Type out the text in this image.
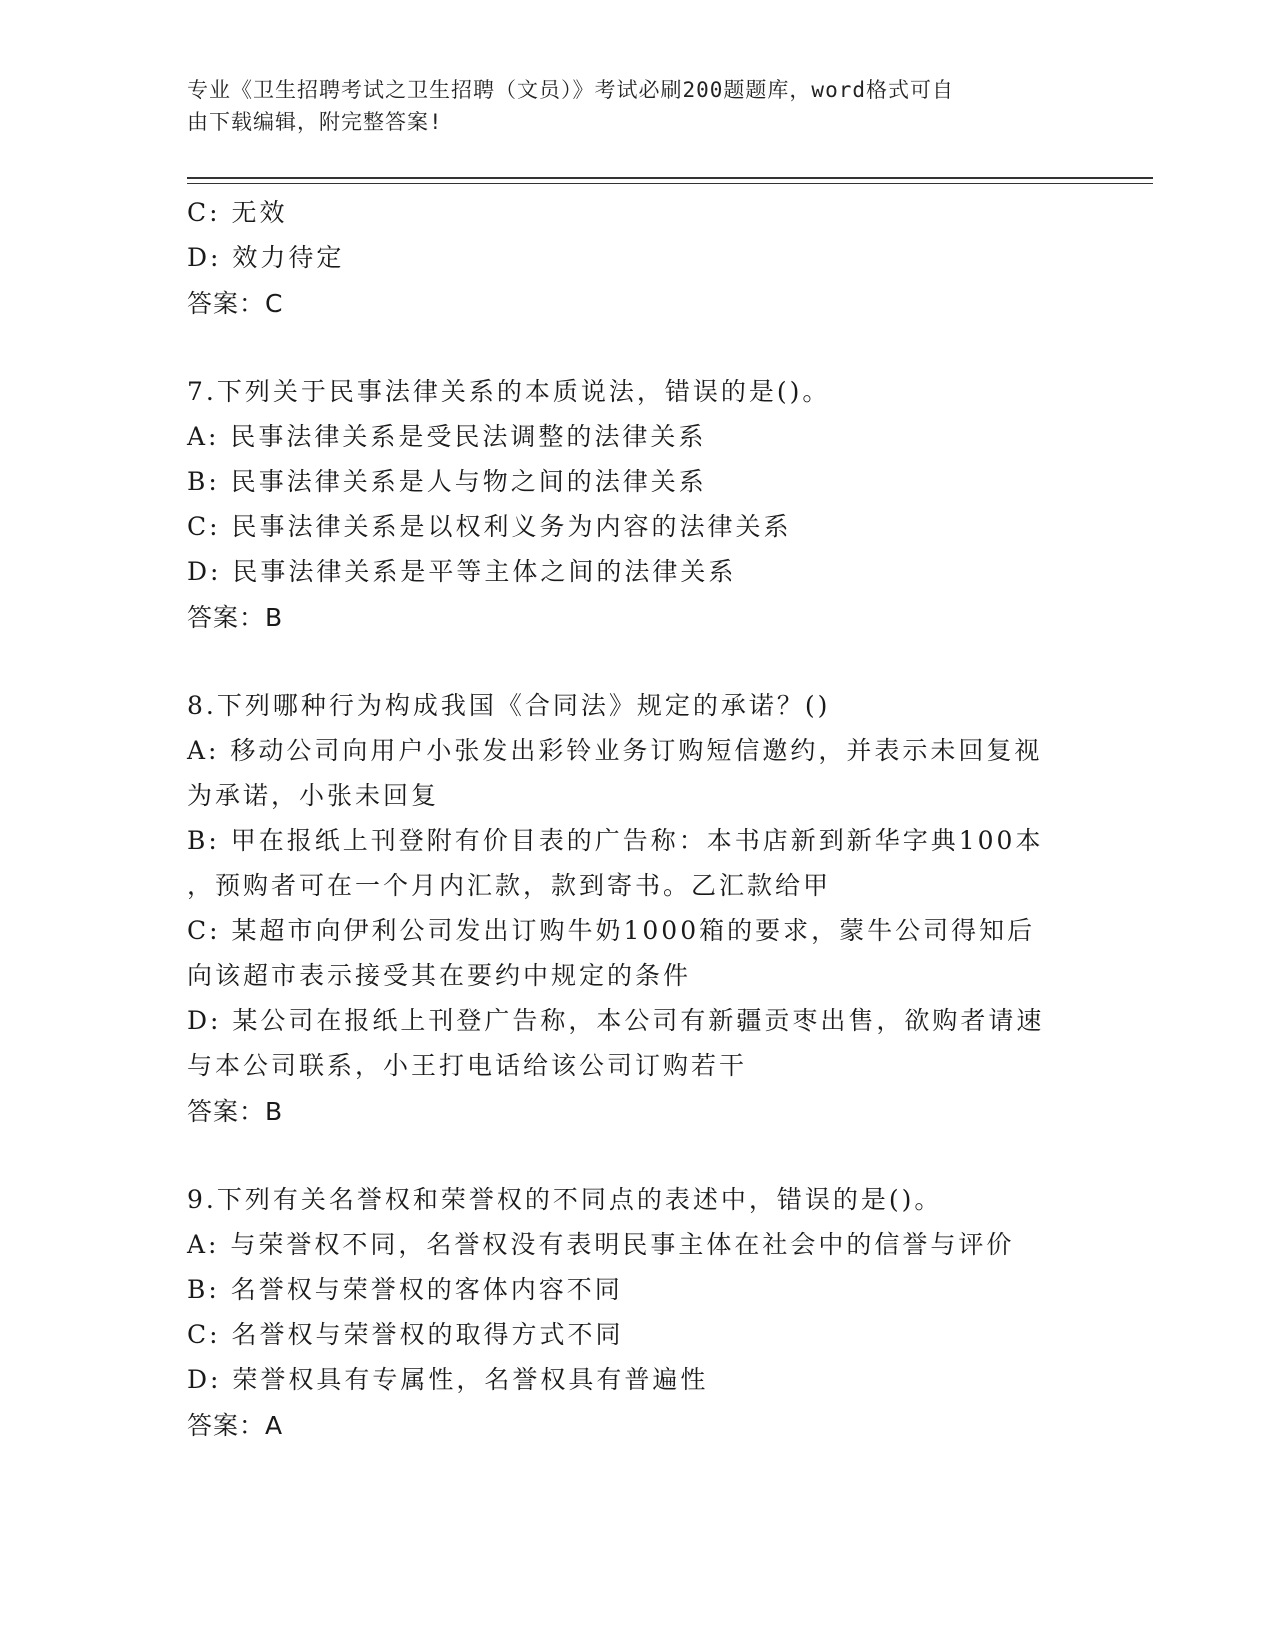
专业《卫生招聘考试之卫生招聘（文员）》考试必刷200题题库，word格式可自
由下载编辑，附完整答案!
C: 无效
D: 效力待定
答案：C
7.下列关于民事法律关系的本质说法，错误的是()。
A: 民事法律关系是受民法调整的法律关系
B: 民事法律关系是人与物之间的法律关系
C: 民事法律关系是以权利义务为内容的法律关系
D: 民事法律关系是平等主体之间的法律关系
答案：B
8.下列哪种行为构成我国《合同法》规定的承诺？()
A: 移动公司向用户小张发出彩铃业务订购短信邀约，并表示未回复视
为承诺，小张未回复
B: 甲在报纸上刊登附有价目表的广告称：本书店新到新华字典100本
，预购者可在一个月内汇款，款到寄书。乙汇款给甲
C: 某超市向伊利公司发出订购牛奶1000箱的要求，蒙牛公司得知后
向该超市表示接受其在要约中规定的条件
D: 某公司在报纸上刊登广告称，本公司有新疆贡枣出售，欲购者请速
与本公司联系，小王打电话给该公司订购若干
答案：B
9.下列有关名誉权和荣誉权的不同点的表述中，错误的是()。
A: 与荣誉权不同，名誉权没有表明民事主体在社会中的信誉与评价
B: 名誉权与荣誉权的客体内容不同
C: 名誉权与荣誉权的取得方式不同
D: 荣誉权具有专属性，名誉权具有普遍性
答案：A
